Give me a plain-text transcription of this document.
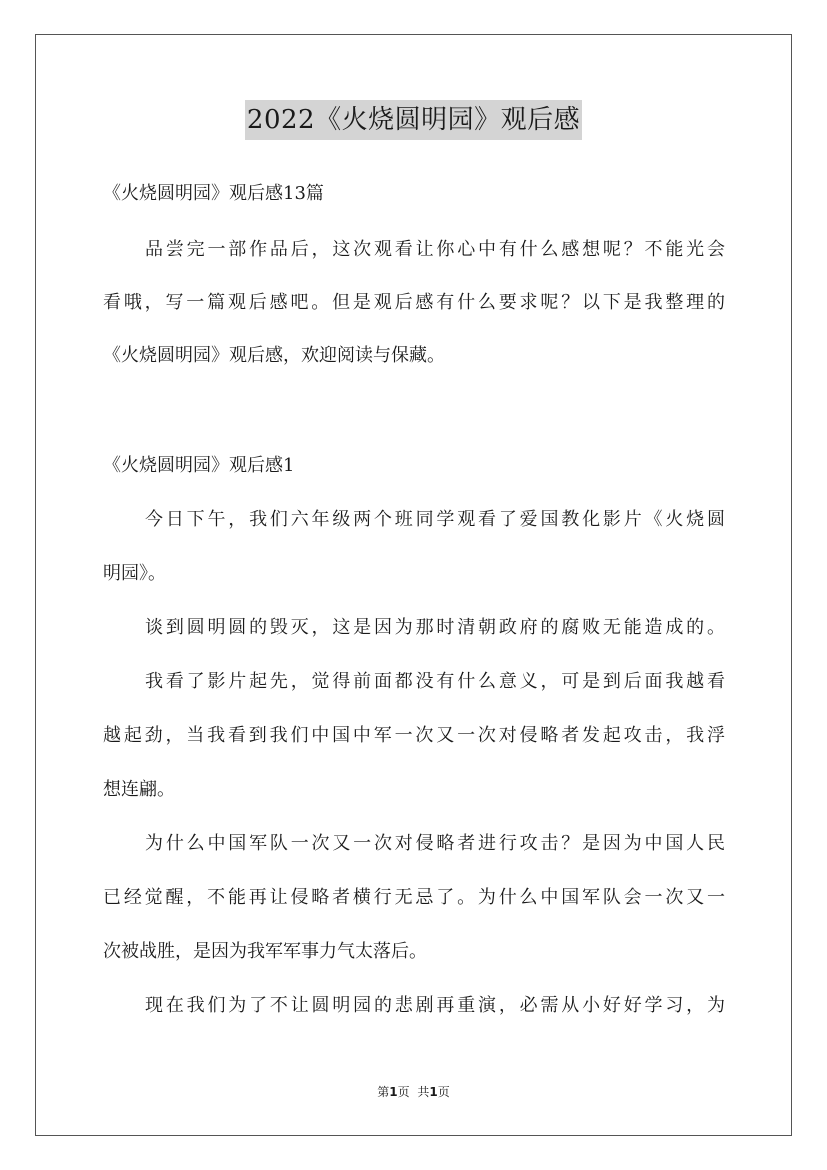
2022《火烧圆明园》观后感
《火烧圆明园》观后感13篇
品尝完一部作品后，这次观看让你心中有什么感想呢？不能光会
看哦，写一篇观后感吧。但是观后感有什么要求呢？以下是我整理的
《火烧圆明园》观后感，欢迎阅读与保藏。
《火烧圆明园》观后感1
今日下午，我们六年级两个班同学观看了爱国教化影片《火烧圆
明园》。
谈到圆明圆的毁灭，这是因为那时清朝政府的腐败无能造成的。
我看了影片起先，觉得前面都没有什么意义，可是到后面我越看
越起劲，当我看到我们中国中军一次又一次对侵略者发起攻击，我浮
想连翩。
为什么中国军队一次又一次对侵略者进行攻击？是因为中国人民
已经觉醒，不能再让侵略者横行无忌了。为什么中国军队会一次又一
次被战胜，是因为我军军事力气太落后。
现在我们为了不让圆明园的悲剧再重演，必需从小好好学习，为
第1页 共1页
